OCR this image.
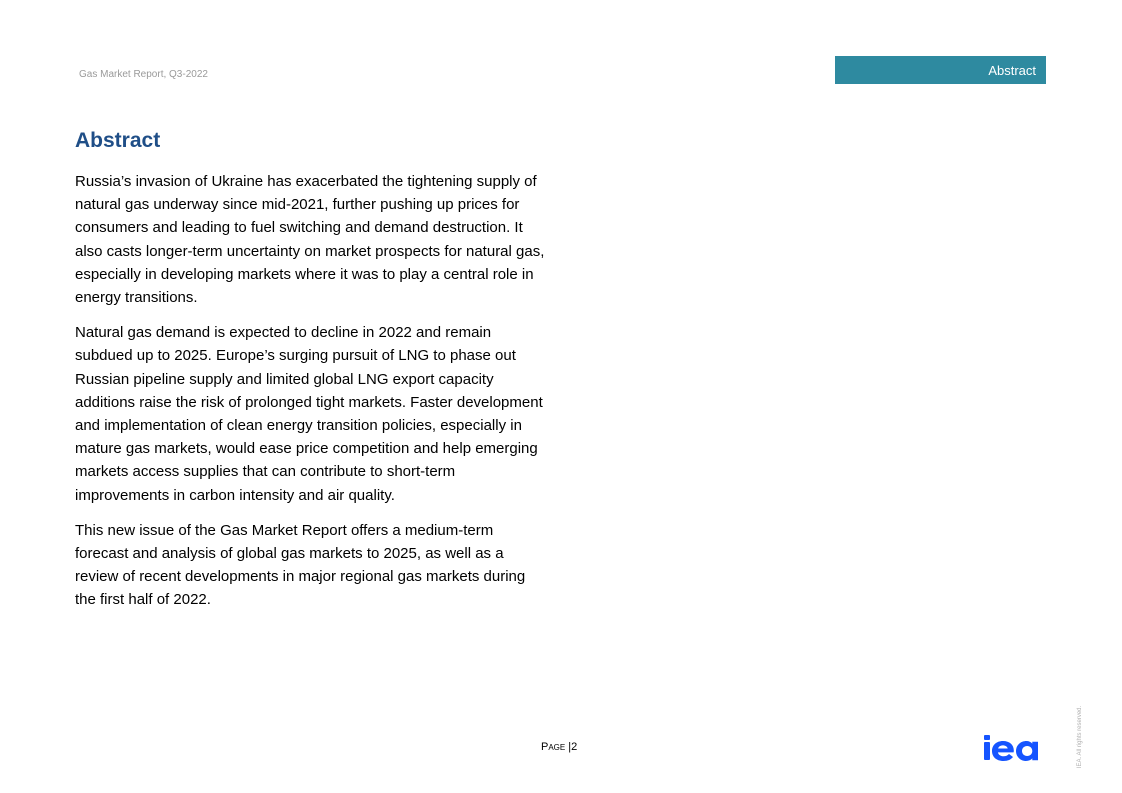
Gas Market Report, Q3-2022	Abstract
Abstract

Russia’s invasion of Ukraine has exacerbated the tightening supply of natural gas underway since mid-2021, further pushing up prices for consumers and leading to fuel switching and demand destruction. It also casts longer-term uncertainty on market prospects for natural gas, especially in developing markets where it was to play a central role in energy transitions.

Natural gas demand is expected to decline in 2022 and remain subdued up to 2025. Europe’s surging pursuit of LNG to phase out Russian pipeline supply and limited global LNG export capacity additions raise the risk of prolonged tight markets. Faster development and implementation of clean energy transition policies, especially in mature gas markets, would ease price competition and help emerging markets access supplies that can contribute to short-term improvements in carbon intensity and air quality.

This new issue of the Gas Market Report offers a medium-term forecast and analysis of global gas markets to 2025, as well as a review of recent developments in major regional gas markets during the first half of 2022.

Page |2	IEA. All rights reserved.
